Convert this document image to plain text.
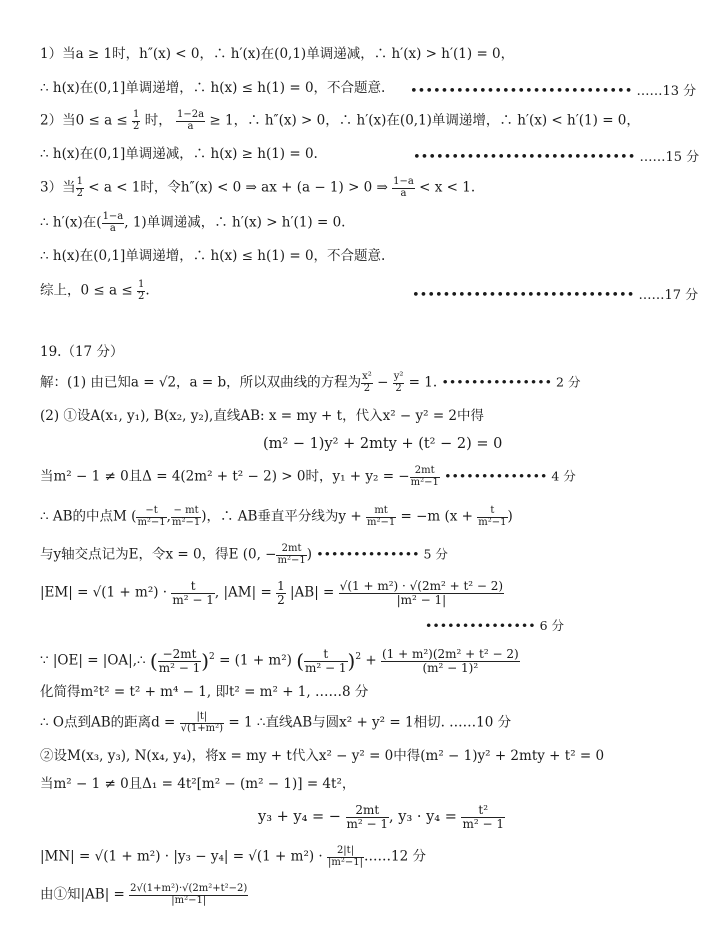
1）当a ≥ 1时，h″(x) < 0，∴ h′(x)在(0,1)单调递减，∴ h′(x) > h′(1) = 0，
∴ h(x)在(0,1]单调递增，∴ h(x) ≤ h(1) = 0，不合题意. ••••••••••••••••••••••••••••• ……13 分
2）当$0 \le a \le \frac{1}{2}$ 时， $\frac{1-2a}{a} \ge 1$，∴ h″(x) > 0，∴ h′(x)在(0,1)单调递增，∴ h′(x) < h′(1) = 0，
∴ h(x)在(0,1]单调递减，∴ h(x) ≥ h(1) = 0.	••••••••••••••••••••••••••••• ……15 分
3）当 $\frac{1}{2} < a < 1$时，令h″(x) < 0 ⇒ ax + (a − 1) > 0 ⇒ $\frac{1-a}{a} < x < 1$.
∴ h′(x)在( $\frac{1-a}{a}$ , 1)单调递减，∴ h′(x) > h′(1) = 0.
∴ h(x)在(0,1]单调递增，∴ h(x) ≤ h(1) = 0，不合题意.
综上，$0 \le a \le \frac{1}{2}$ .	••••••••••••••••••••••••••••• ……17 分
19.（17 分）
解：(1) 由已知a = √2，a = b，所以双曲线的方程为 $\frac{\text{x²}}{2} - \frac{\text{y²}}{2} = 1$. ••••••••••••••• 2 分
(2) ①设A(x₁, y₁), B(x₂, y₂),直线AB: x = my + t，代入x² − y² = 2中得
(m² − 1)y² + 2mty + (t² − 2) = 0
当m² − 1 ≠ 0且Δ = 4(2m² + t² − 2) > 0时，y₁ + y₂ = − $\frac{2mt}{\text{m²−1}}$ •••••••••••••• 4 分
∴ AB的中点M ( $\frac{-t}{\text{m²−1}}$ , $\frac{- mt}{\text{m²−1}}$ )，∴ AB垂直平分线为$y + \frac{mt}{\text{m²−1}} = -m$ ($x + \frac{t}{\text{m²−1}}$ )
与y轴交点记为E，令x = 0，得E (0, − $\frac{2mt}{\text{m²−1}}$ ) •••••••••••••• 5 分
$|EM| = √(1 + m^2) \cdot \frac{t}{\text{m² − 1}}$ , $|AM| = \frac{1}{2} |AB| = \frac{\text{√(1 + m²) · √(2m² + t² − 2)}}{\text{|m² − 1|}}$
••••••••••••••• 6 分
∵ |OE| = |OA|,∴ ( $\frac{-2mt}{\text{m² − 1}} )^2 = (1 + m^2)$ ( $\frac{t}{\text{m² − 1}} )^2 + \frac{\text{(1 + m²)(2m² + t² − 2)}}{\text{(m² − 1)²}}$
化简得m²t² = t² + m⁴ − 1, 即t² = m² + 1, ……8 分
∴ O点到AB的距离$d = \frac{|t|}{\text{√(1+m²)}} = 1$ ∴直线AB与圆x² + y² = 1相切. ……10 分
②设M(x₃, y₃), N(x₄, y₄)，将x = my + t代入x² − y² = 0中得(m² − 1)y² + 2mty + t² = 0
当m² − 1 ≠ 0且Δ₁ = 4t²[m² − (m² − 1)] = 4t²，
y₃ + y₄ = − $\frac{2mt}{\text{m² − 1}}$ , $y_3 \cdot y_4 = \frac{\text{t²}}{\text{m² − 1}}$
$|MN| = √(1 + m^2) \cdot |y_3 - y_4| = √(1 + m^2) \cdot \frac{2|t|}{\text{|m²−1|}}$ ……12 分
由①知$|AB| = \frac{\text{2√(1+m²)·√(2m²+t²−2)}}{\text{|m²−1|}}$
